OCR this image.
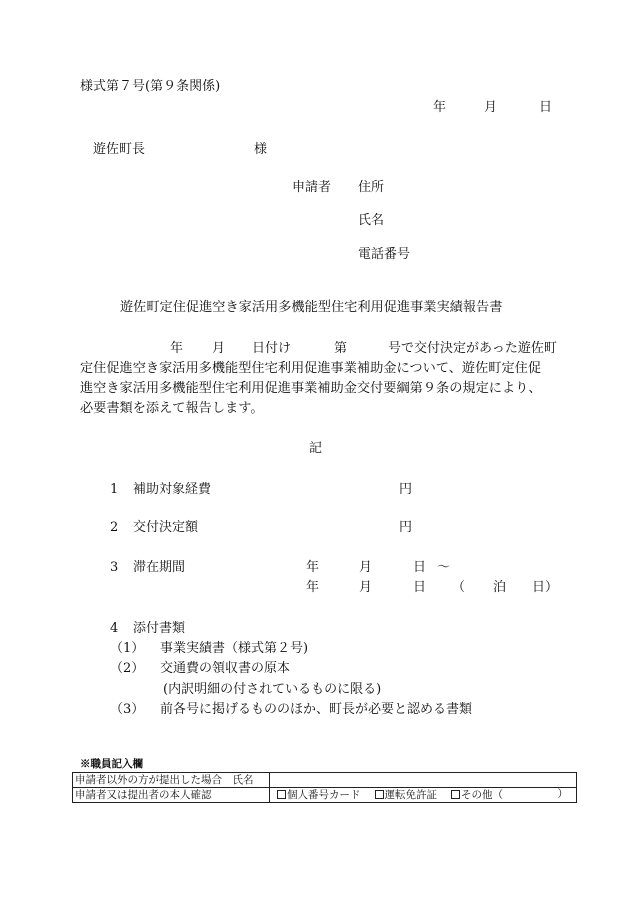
様式第７号(第９条関係)
年	月	日
遊佐町長	様
申請者 住所
氏名
電話番号
遊佐町定住促進空き家活用多機能型住宅利用促進事業実績報告書
年 月 日付け	第	号で交付決定があった遊佐町
定住促進空き家活用多機能型住宅利用促進事業補助金について、遊佐町定住促
進空き家活用多機能型住宅利用促進事業補助金交付要綱第９条の規定により、
必要書類を添えて報告します。
記
1 補助対象経費	円
2 交付決定額	円
3 滞在期間	年	月	日 ～
年	月	日 （ 泊 日）
4 添付書類
（1） 事業実績書（様式第２号)
（2） 交通費の領収書の原本
(内訳明細の付されているものに限る)
（3） 前各号に掲げるもののほか、町長が必要と認める書類
※職員記入欄
申請者以外の方が提出した場合　氏名	
申請者又は提出者の本人確認	個人番号カード 運転免許証 その他（ ）
